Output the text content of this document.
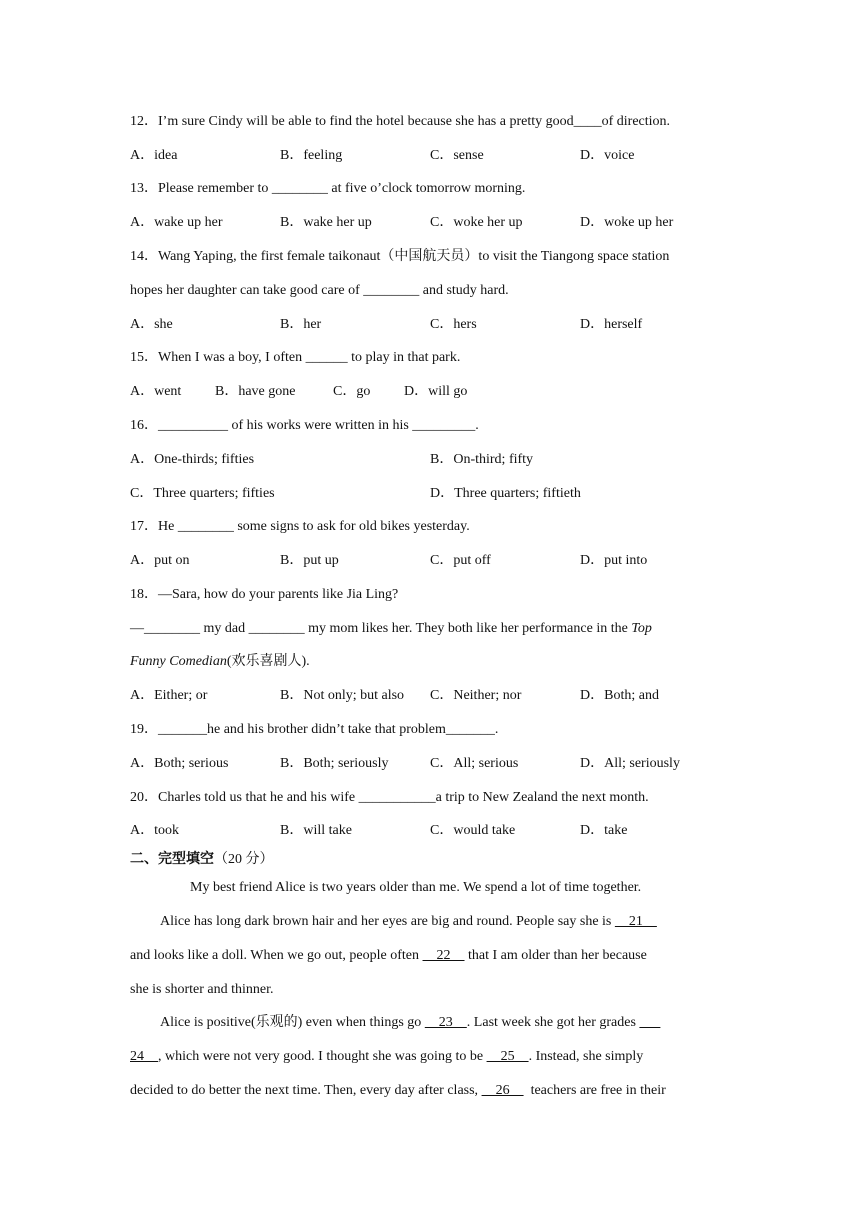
12．I’m sure Cindy will be able to find the hotel because she has a pretty good____of direction.
A．idea	B．feeling	C．sense	D．voice
13．Please remember to ________ at five o’clock tomorrow morning.
A．wake up her	B．wake her up	C．woke her up	D．woke up her
14．Wang Yaping, the first female taikonaut（中国航天员）to visit the Tiangong space station
hopes her daughter can take good care of ________ and study hard.
A．she	B．her	C．hers	D．herself
15．When I was a boy, I often ______ to play in that park.
A．went B．have gone	C．go D．will go
16．__________ of his works were written in his _________.
A．One-thirds; fifties	B．On-third; fifty
C．Three quarters; fifties	D．Three quarters; fiftieth
17．He ________ some signs to ask for old bikes yesterday.
A．put on	B．put up	C．put off	D．put into
18．—Sara, how do your parents like Jia Ling?
—________ my dad ________ my mom likes her. They both like her performance in the Top
Funny Comedian(欢乐喜剧人).
A．Either; or	B．Not only; but also C．Neither; nor	D．Both; and
19．_______he and his brother didn’t take that problem_______.
A．Both; serious	B．Both; seriously	C．All; serious	D．All; seriously
20．Charles told us that he and his wife ___________a trip to New Zealand the next month.
A．took	B．will take	C．would take	D．take
二、完型填空（20 分）
My best friend Alice is two years older than me. We spend a lot of time together.
Alice has long dark brown hair and her eyes are big and round. People say she is     21
and looks like a doll. When we go out, people often     22     that I am older than her because
she is shorter and thinner.
Alice is positive(乐观的) even when things go     23    . Last week she got her grades
24    , which were not very good. I thought she was going to be     25    . Instead, she simply
decided to do better the next time. Then, every day after class,     26      teachers are free in their
